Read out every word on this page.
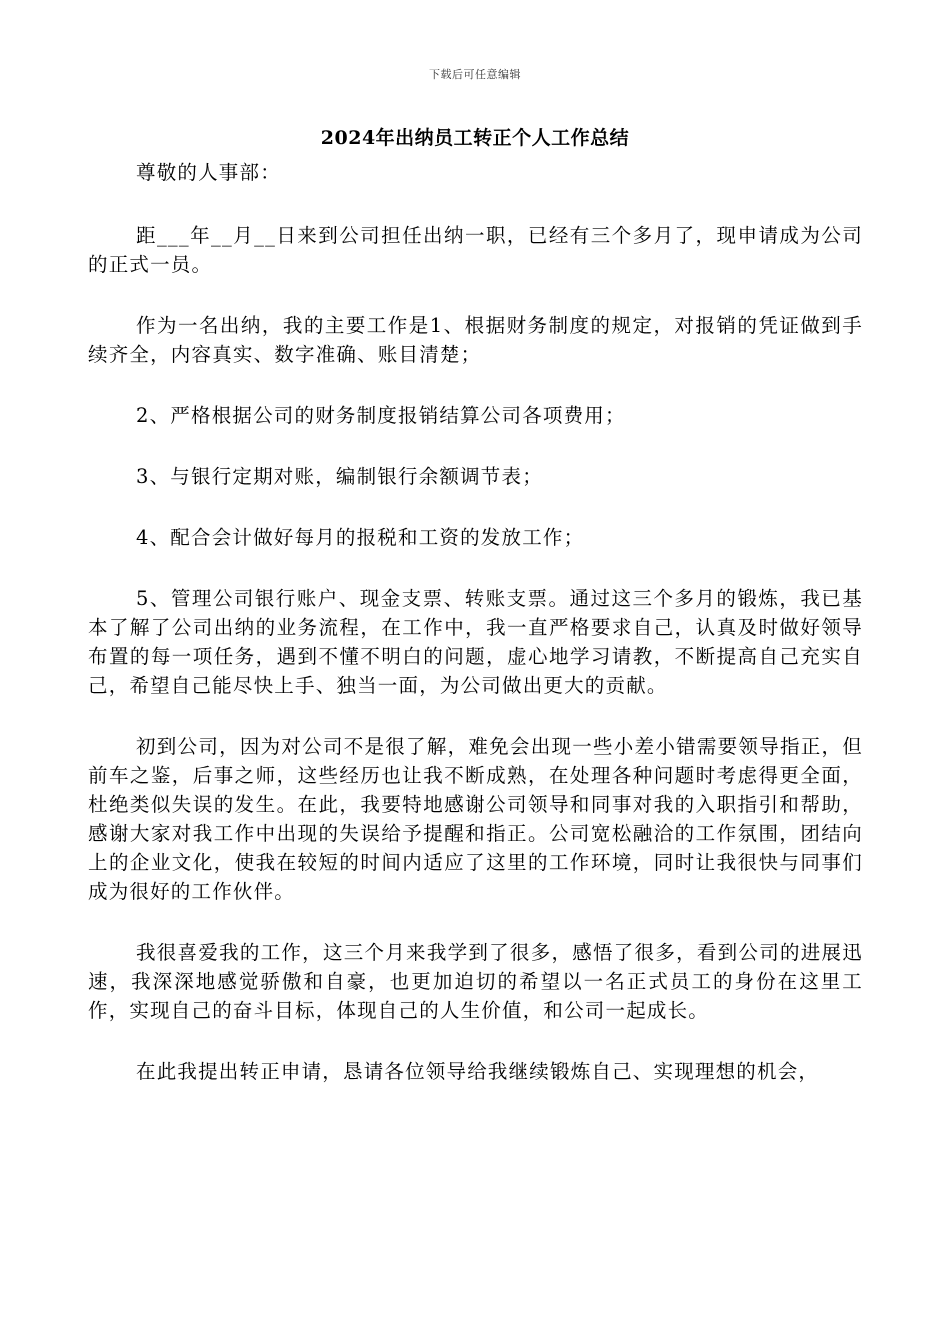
下载后可任意编辑
2024年出纳员工转正个人工作总结

尊敬的人事部：

距___年__月__日来到公司担任出纳一职，已经有三个多月了，现申请成为公司的正式一员。

作为一名出纳，我的主要工作是1、根据财务制度的规定，对报销的凭证做到手续齐全，内容真实、数字准确、账目清楚；

2、严格根据公司的财务制度报销结算公司各项费用；

3、与银行定期对账，编制银行余额调节表；

4、配合会计做好每月的报税和工资的发放工作；

5、管理公司银行账户、现金支票、转账支票。通过这三个多月的锻炼，我已基本了解了公司出纳的业务流程，在工作中，我一直严格要求自己，认真及时做好领导布置的每一项任务，遇到不懂不明白的问题，虚心地学习请教，不断提高自己充实自己，希望自己能尽快上手、独当一面，为公司做出更大的贡献。

初到公司，因为对公司不是很了解，难免会出现一些小差小错需要领导指正，但前车之鉴，后事之师，这些经历也让我不断成熟，在处理各种问题时考虑得更全面，杜绝类似失误的发生。在此，我要特地感谢公司领导和同事对我的入职指引和帮助，感谢大家对我工作中出现的失误给予提醒和指正。公司宽松融洽的工作氛围，团结向上的企业文化，使我在较短的时间内适应了这里的工作环境，同时让我很快与同事们成为很好的工作伙伴。

我很喜爱我的工作，这三个月来我学到了很多，感悟了很多，看到公司的进展迅速，我深深地感觉骄傲和自豪，也更加迫切的希望以一名正式员工的身份在这里工作，实现自己的奋斗目标，体现自己的人生价值，和公司一起成长。

在此我提出转正申请，恳请各位领导给我继续锻炼自己、实现理想的机会，
